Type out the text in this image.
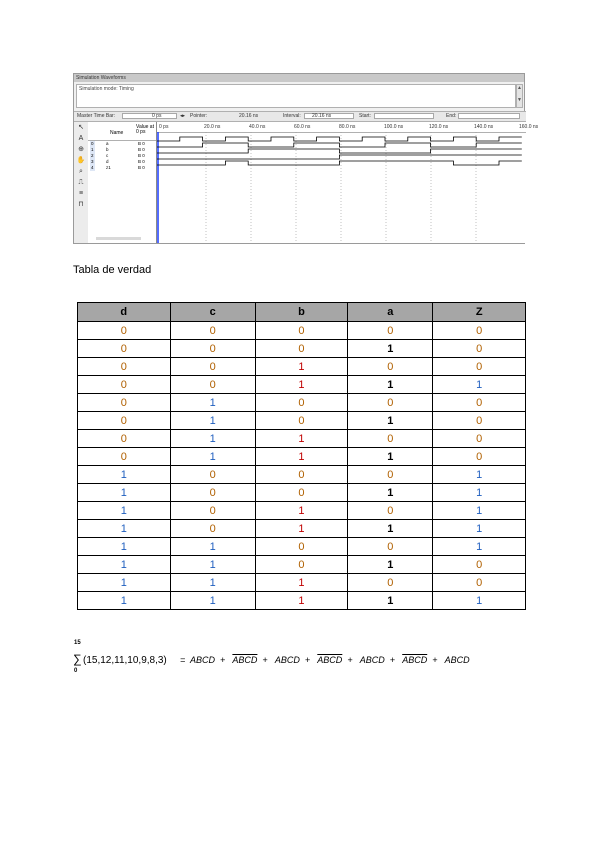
Simulation Waveforms
Simulation mode: Timing	▲

▼
Master Time Bar:	0 ps	◂▸ Pointer:	20.16 ns	Interval: 20.16 ns	Start:	End:
↖
A
⊕
✋
⌕
⎍
≡
⊓
Name
Value at 0 ps
0	a	B 0
1	b	B 0
2	c	B 0
3	d	B 0
4	z1	B 0
0 ps	20.0 ns	40.0 ns	60.0 ns	80.0 ns	100.0 ns	120.0 ns	140.0 ns	160.0 ns
Tabla de verdad
d	c	b	a	Z
0	0	0	0	0
0	0	0	1	0
0	0	1	0	0
0	0	1	1	1
0	1	0	0	0
0	1	0	1	0
0	1	1	0	0
0	1	1	1	0
1	0	0	0	1
1	0	0	1	1
1	0	1	0	1
1	0	1	1	1
1	1	0	0	1
1	1	0	1	0
1	1	1	0	0
1	1	1	1	1
15
∑
0
(15,12,11,10,9,8,3) = ABCD  +   ABCD  +   ABCD  +   ABCD  +   ABCD  +   ABCD  +   ABCD
